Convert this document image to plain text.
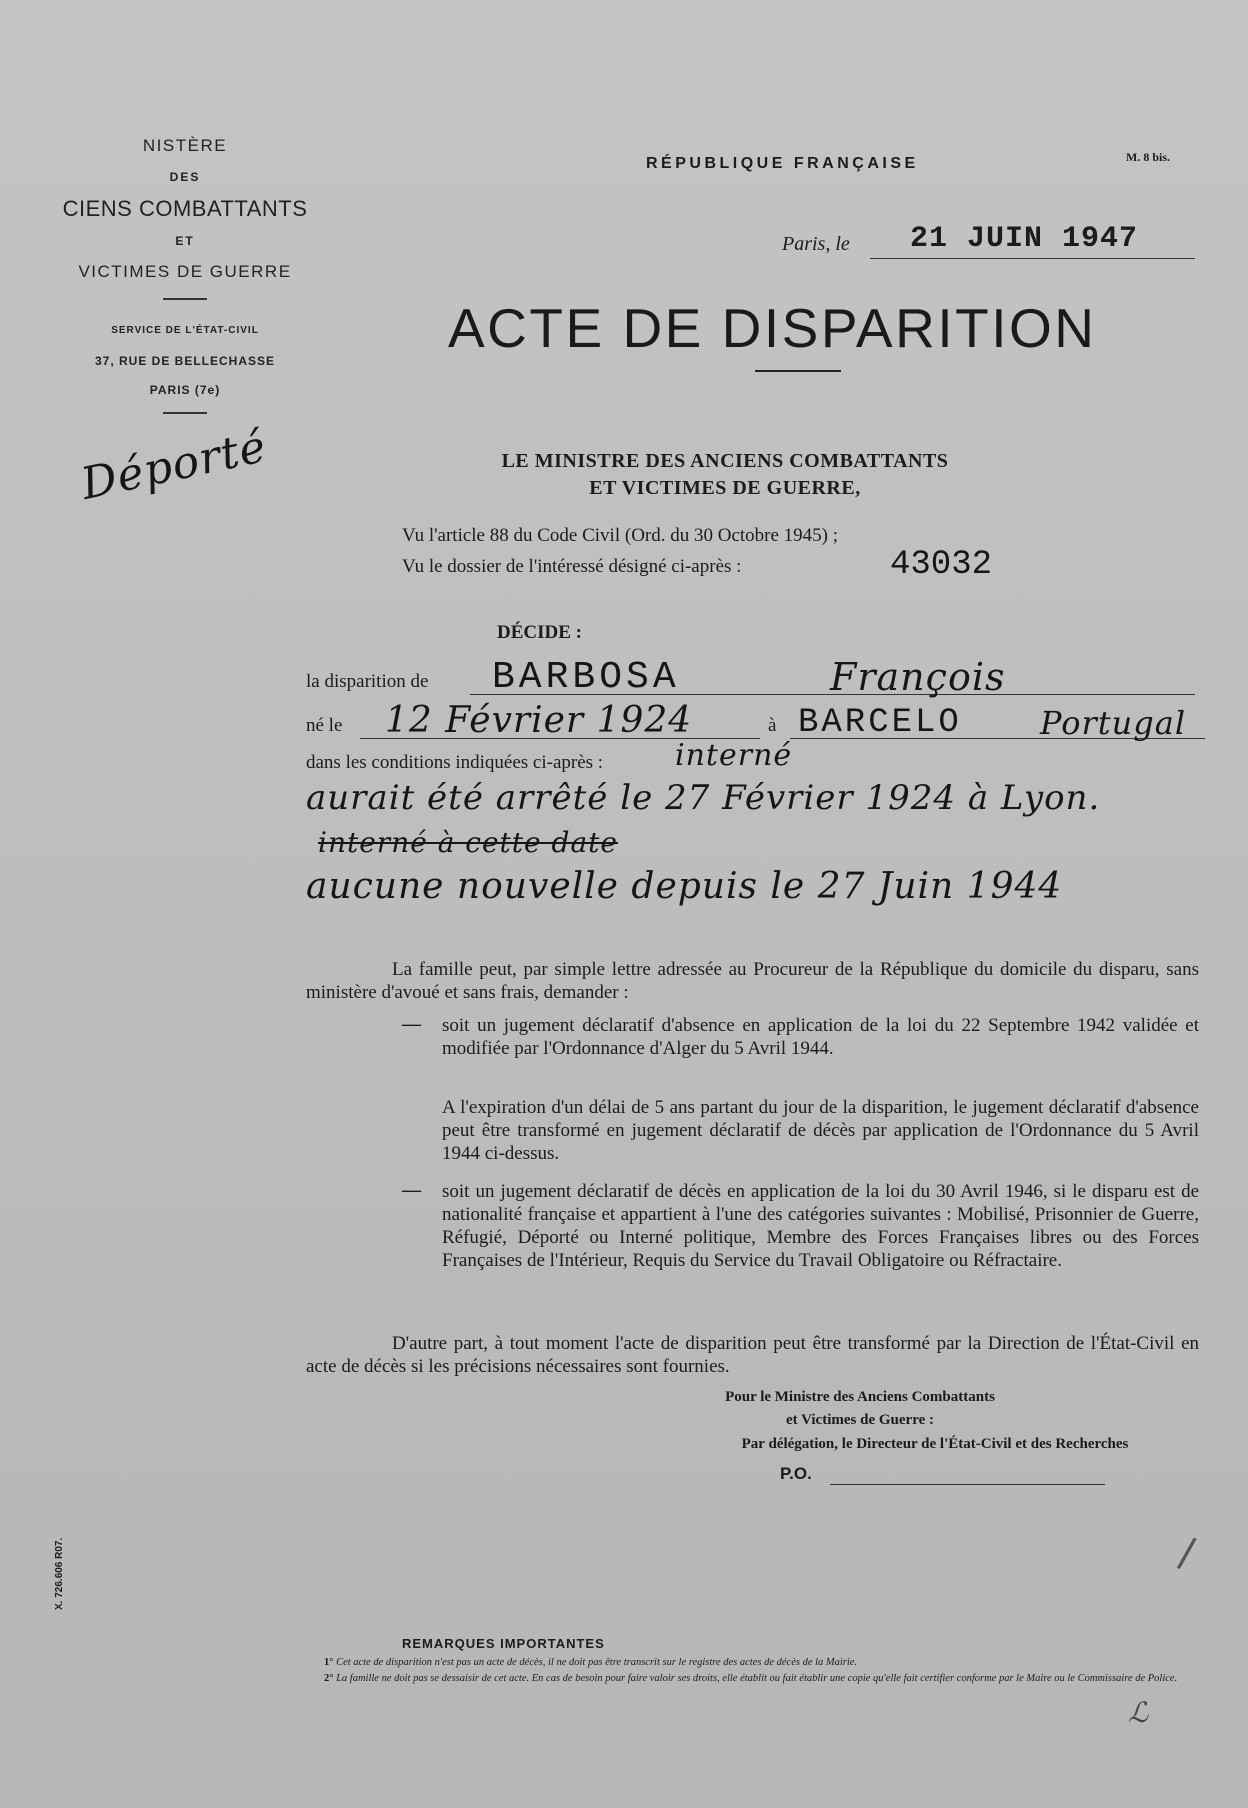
NISTÈRE
DES
CIENS COMBATTANTS
ET
VICTIMES DE GUERRE
SERVICE DE L'ÉTAT-CIVIL
37, RUE DE BELLECHASSE
PARIS (7e)
Déporté
RÉPUBLIQUE FRANÇAISE	M. 8 bis.
Paris, le 21 JUIN 1947
ACTE DE DISPARITION
LE MINISTRE DES ANCIENS COMBATTANTS
ET VICTIMES DE GUERRE,
Vu l'article 88 du Code Civil (Ord. du 30 Octobre 1945) ;
Vu le dossier de l'intéressé désigné ci-après :	43032
DÉCIDE :
la disparition de BARBOSA	François
né le 12 Février 1924	à BARCELO Portugal
dans les conditions indiquées ci-après : interné
aurait été arrêté le 27 Février 1924 à Lyon.
interné à cette date
aucune nouvelle depuis le 27 Juin 1944
La famille peut, par simple lettre adressée au Procureur de la République du domicile du disparu, sans ministère d'avoué et sans frais, demander :
— soit un jugement déclaratif d'absence en application de la loi du 22 Septembre 1942 validée et modifiée par l'Ordonnance d'Alger du 5 Avril 1944.
A l'expiration d'un délai de 5 ans partant du jour de la disparition, le jugement déclaratif d'absence peut être transformé en jugement déclaratif de décès par application de l'Ordonnance du 5 Avril 1944 ci-dessus.
— soit un jugement déclaratif de décès en application de la loi du 30 Avril 1946, si le disparu est de nationalité française et appartient à l'une des catégories suivantes : Mobilisé, Prisonnier de Guerre, Réfugié, Déporté ou Interné politique, Membre des Forces Françaises libres ou des Forces Françaises de l'Intérieur, Requis du Service du Travail Obligatoire ou Réfractaire.
D'autre part, à tout moment l'acte de disparition peut être transformé par la Direction de l'État-Civil en acte de décès si les précisions nécessaires sont fournies.
Pour le Ministre des Anciens Combattants
et Victimes de Guerre :
Par délégation, le Directeur de l'État-Civil et des Recherches
P.O.
/
X. 726.606 R07.
REMARQUES IMPORTANTES
1° Cet acte de disparition n'est pas un acte de décès, il ne doit pas être transcrit sur le registre des actes de décès de la Mairie.
2° La famille ne doit pas se dessaisir de cet acte. En cas de besoin pour faire valoir ses droits, elle établit ou fait établir une copie qu'elle fait certifier conforme par le Maire ou le Commissaire de Police.
ℒ
